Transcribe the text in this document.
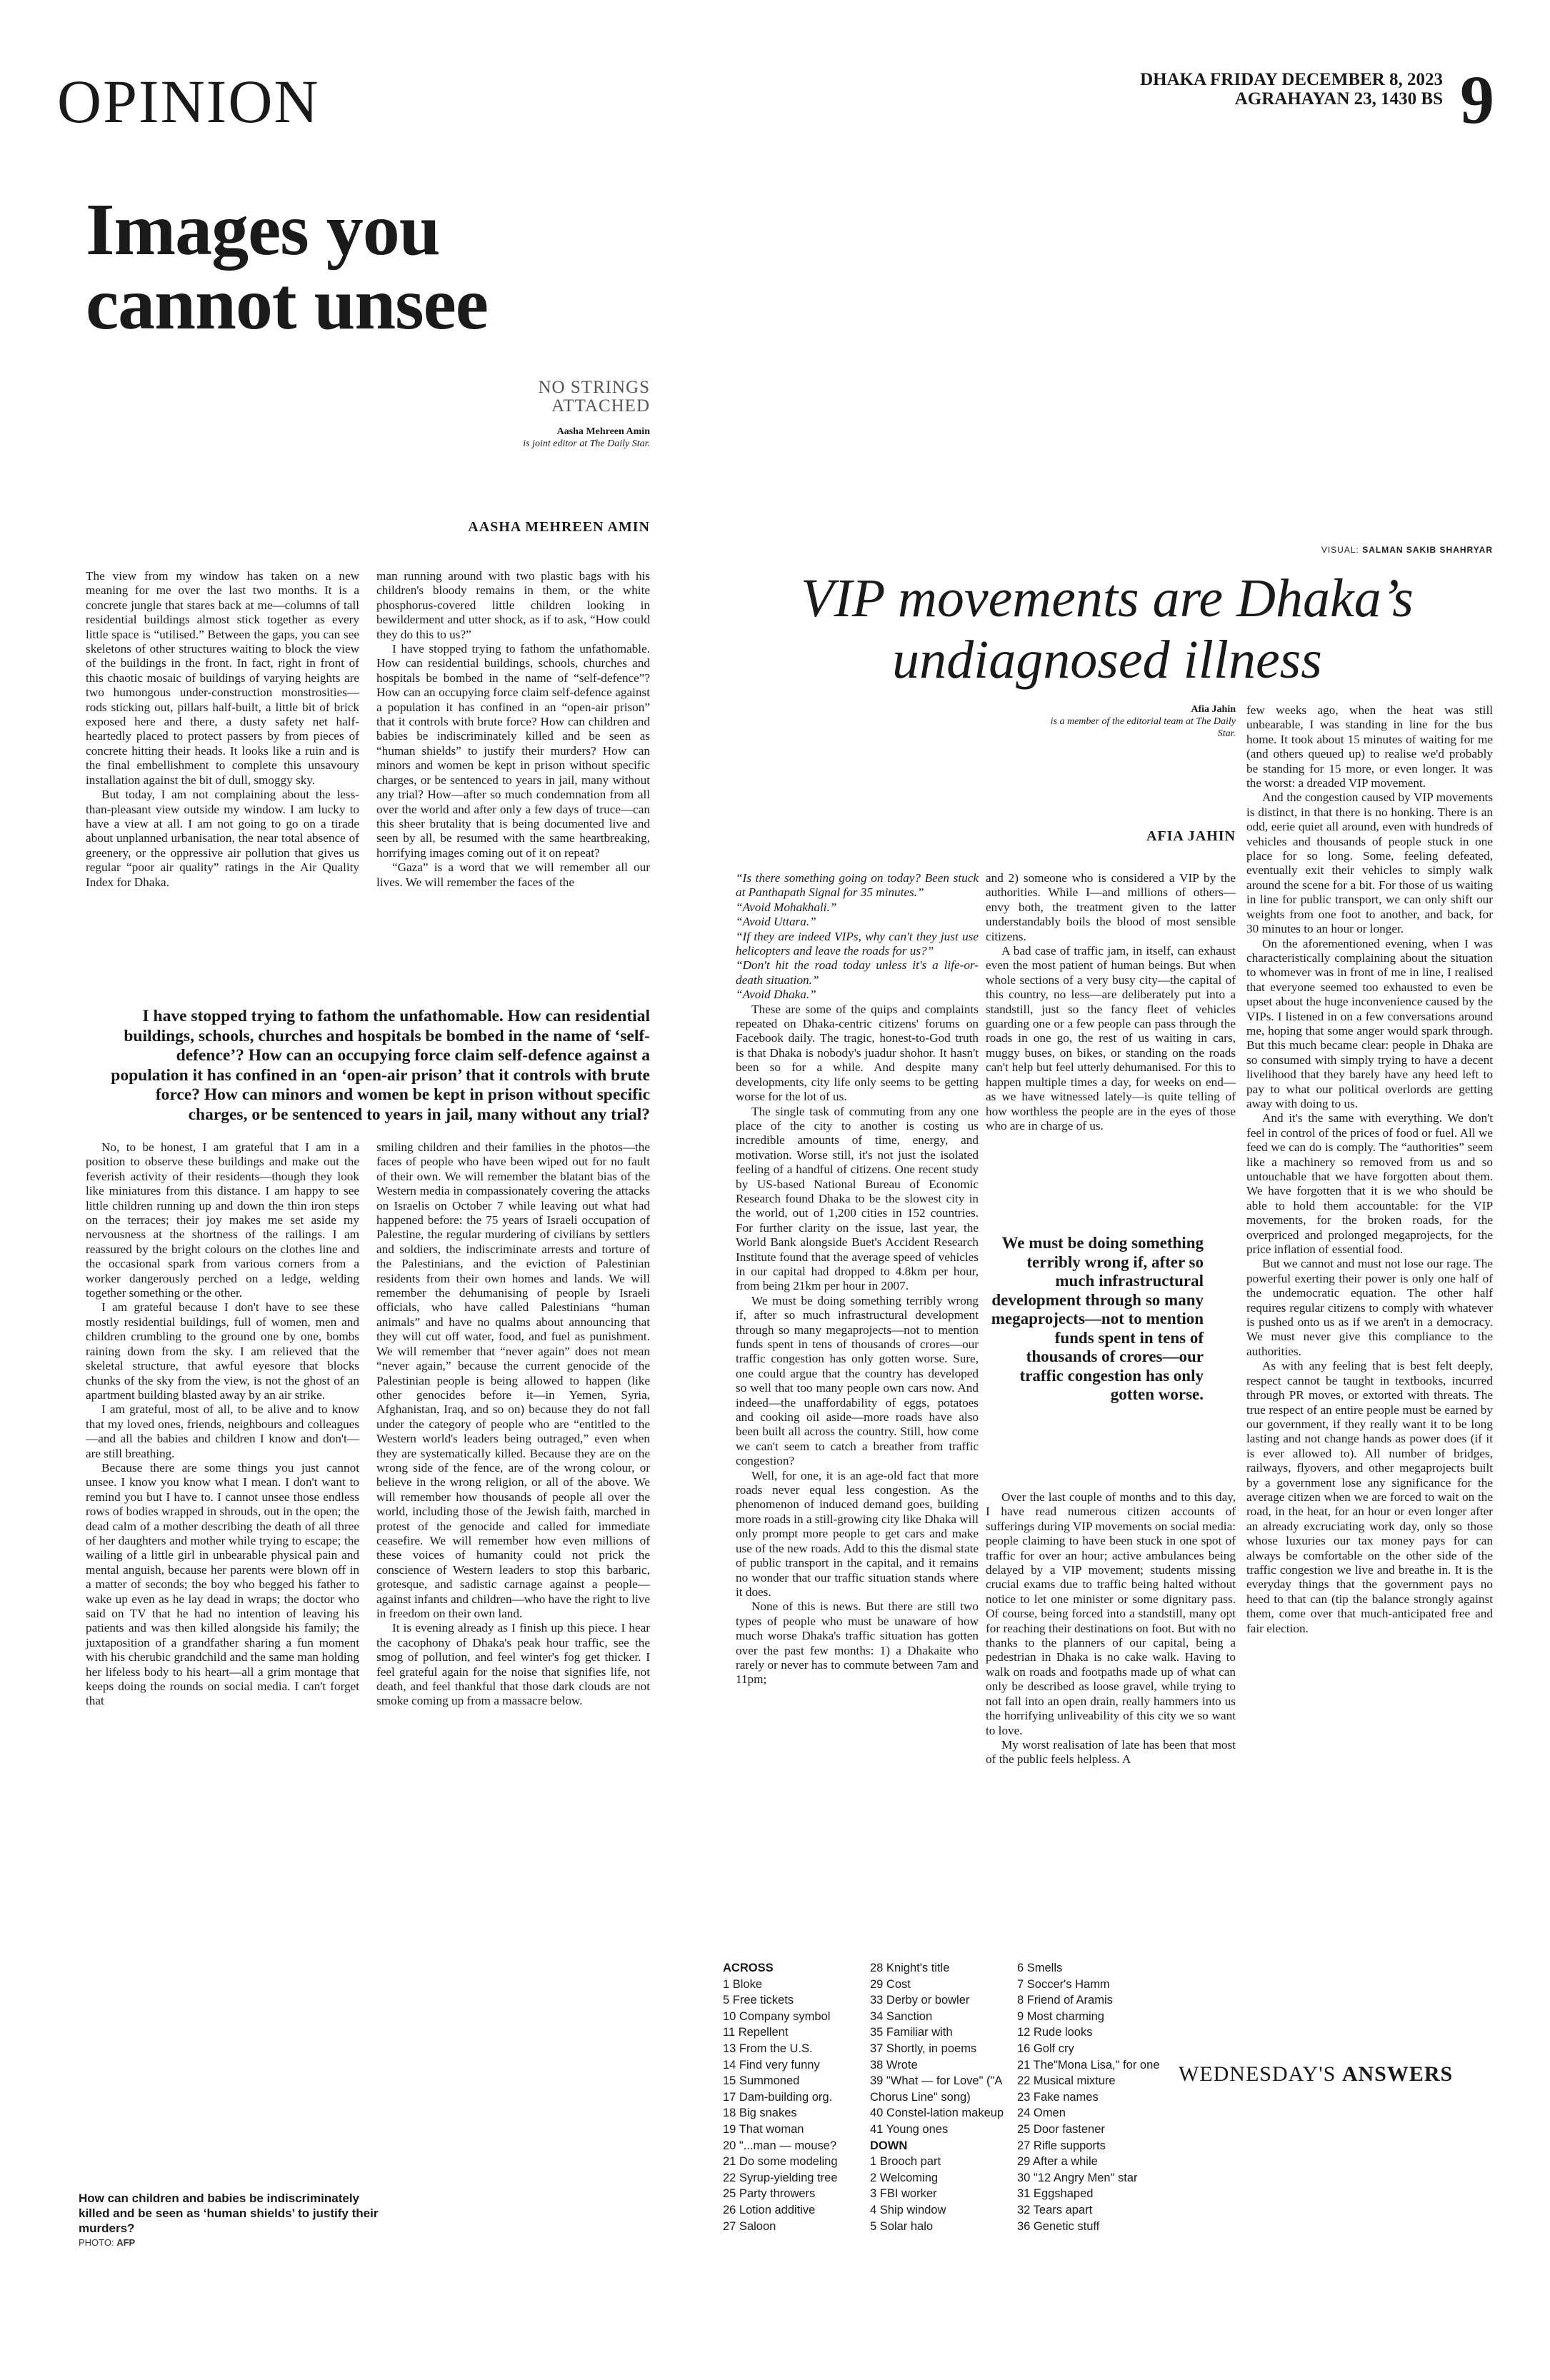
OPINION	DHAKA FRIDAY DECEMBER 8, 2023
AGRAHAYAN 23, 1430 BS 9
Images you
cannot unsee
NO STRINGS
ATTACHED
Aasha Mehreen Amin
is joint editor at The Daily Star.
AASHA MEHREEN AMIN

The view from my window has taken on a new meaning for me over the last two months. It is a concrete jungle that stares back at me—columns of tall residential buildings almost stick together as every little space is “utilised.” Between the gaps, you can see skeletons of other structures waiting to block the view of the buildings in the front. In fact, right in front of this chaotic mosaic of buildings of varying heights are two humongous under-construction monstrosities—rods sticking out, pillars half-built, a little bit of brick exposed here and there, a dusty safety net half-heartedly placed to protect passers by from pieces of concrete hitting their heads. It looks like a ruin and is the final embellishment to complete this unsavoury installation against the bit of dull, smoggy sky.

But today, I am not complaining about the less-than-pleasant view outside my window. I am lucky to have a view at all. I am not going to go on a tirade about unplanned urbanisation, the near total absence of greenery, or the oppressive air pollution that gives us regular “poor air quality” ratings in the Air Quality Index for Dhaka.

man running around with two plastic bags with his children's bloody remains in them, or the white phosphorus-covered little children looking in bewilderment and utter shock, as if to ask, “How could they do this to us?”

I have stopped trying to fathom the unfathomable. How can residential buildings, schools, churches and hospitals be bombed in the name of “self-defence”? How can an occupying force claim self-defence against a population it has confined in an “open-air prison” that it controls with brute force? How can children and babies be indiscriminately killed and be seen as “human shields” to justify their murders? How can minors and women be kept in prison without specific charges, or be sentenced to years in jail, many without any trial? How—after so much condemnation from all over the world and after only a few days of truce—can this sheer brutality that is being documented live and seen by all, be resumed with the same heartbreaking, horrifying images coming out of it on repeat?

“Gaza” is a word that we will remember all our lives. We will remember the faces of the

I have stopped trying to fathom the unfathomable. How can residential buildings, schools, churches and hospitals be bombed in the name of ‘self-defence’? How can an occupying force claim self-defence against a population it has confined in an ‘open-air prison’ that it controls with brute force? How can minors and women be kept in prison without specific charges, or be sentenced to years in jail, many without any trial?

No, to be honest, I am grateful that I am in a position to observe these buildings and make out the feverish activity of their residents—though they look like miniatures from this distance. I am happy to see little children running up and down the thin iron steps on the terraces; their joy makes me set aside my nervousness at the shortness of the railings. I am reassured by the bright colours on the clothes line and the occasional spark from various corners from a worker dangerously perched on a ledge, welding together something or the other.

I am grateful because I don't have to see these mostly residential buildings, full of women, men and children crumbling to the ground one by one, bombs raining down from the sky. I am relieved that the skeletal structure, that awful eyesore that blocks chunks of the sky from the view, is not the ghost of an apartment building blasted away by an air strike.

I am grateful, most of all, to be alive and to know that my loved ones, friends, neighbours and colleagues—and all the babies and children I know and don't—are still breathing.

Because there are some things you just cannot unsee. I know you know what I mean. I don't want to remind you but I have to. I cannot unsee those endless rows of bodies wrapped in shrouds, out in the open; the dead calm of a mother describing the death of all three of her daughters and mother while trying to escape; the wailing of a little girl in unbearable physical pain and mental anguish, because her parents were blown off in a matter of seconds; the boy who begged his father to wake up even as he lay dead in wraps; the doctor who said on TV that he had no intention of leaving his patients and was then killed alongside his family; the juxtaposition of a grandfather sharing a fun moment with his cherubic grandchild and the same man holding her lifeless body to his heart—all a grim montage that keeps doing the rounds on social media. I can't forget that

smiling children and their families in the photos—the faces of people who have been wiped out for no fault of their own. We will remember the blatant bias of the Western media in compassionately covering the attacks on Israelis on October 7 while leaving out what had happened before: the 75 years of Israeli occupation of Palestine, the regular murdering of civilians by settlers and soldiers, the indiscriminate arrests and torture of the Palestinians, and the eviction of Palestinian residents from their own homes and lands. We will remember the dehumanising of people by Israeli officials, who have called Palestinians “human animals” and have no qualms about announcing that they will cut off water, food, and fuel as punishment. We will remember that “never again” does not mean “never again,” because the current genocide of the Palestinian people is being allowed to happen (like other genocides before it—in Yemen, Syria, Afghanistan, Iraq, and so on) because they do not fall under the category of people who are “entitled to the Western world's leaders being outraged,” even when they are systematically killed. Because they are on the wrong side of the fence, are of the wrong colour, or believe in the wrong religion, or all of the above. We will remember how thousands of people all over the world, including those of the Jewish faith, marched in protest of the genocide and called for immediate ceasefire. We will remember how even millions of these voices of humanity could not prick the conscience of Western leaders to stop this barbaric, grotesque, and sadistic carnage against a people—against infants and children—who have the right to live in freedom on their own land.

It is evening already as I finish up this piece. I hear the cacophony of Dhaka's peak hour traffic, see the smog of pollution, and feel winter's fog get thicker. I feel grateful again for the noise that signifies life, not death, and feel thankful that those dark clouds are not smoke coming up from a massacre below.

How can children and babies be indiscriminately killed and be seen as ‘human shields’ to justify their murders?
PHOTO: AFP
VISUAL: SALMAN SAKIB SHAHRYAR
VIP movements are Dhaka’s
undiagnosed illness
Afia Jahin
is a member of the editorial team at The Daily Star.
AFIA JAHIN

“Is there something going on today? Been stuck at Panthapath Signal for 35 minutes.”

“Avoid Mohakhali.”

“Avoid Uttara.”

“If they are indeed VIPs, why can't they just use helicopters and leave the roads for us?”

“Don't hit the road today unless it's a life-or-death situation.”

“Avoid Dhaka.”

These are some of the quips and complaints repeated on Dhaka-centric citizens' forums on Facebook daily. The tragic, honest-to-God truth is that Dhaka is nobody's juadur shohor. It hasn't been so for a while. And despite many developments, city life only seems to be getting worse for the lot of us.

The single task of commuting from any one place of the city to another is costing us incredible amounts of time, energy, and motivation. Worse still, it's not just the isolated feeling of a handful of citizens. One recent study by US-based National Bureau of Economic Research found Dhaka to be the slowest city in the world, out of 1,200 cities in 152 countries. For further clarity on the issue, last year, the World Bank alongside Buet's Accident Research Institute found that the average speed of vehicles in our capital had dropped to 4.8km per hour, from being 21km per hour in 2007.

We must be doing something terribly wrong if, after so much infrastructural development through so many megaprojects—not to mention funds spent in tens of thousands of crores—our traffic congestion has only gotten worse. Sure, one could argue that the country has developed so well that too many people own cars now. And indeed—the unaffordability of eggs, potatoes and cooking oil aside—more roads have also been built all across the country. Still, how come we can't seem to catch a breather from traffic congestion?

Well, for one, it is an age-old fact that more roads never equal less congestion. As the phenomenon of induced demand goes, building more roads in a still-growing city like Dhaka will only prompt more people to get cars and make use of the new roads. Add to this the dismal state of public transport in the capital, and it remains no wonder that our traffic situation stands where it does.

None of this is news. But there are still two types of people who must be unaware of how much worse Dhaka's traffic situation has gotten over the past few months: 1) a Dhakaite who rarely or never has to commute between 7am and 11pm;

and 2) someone who is considered a VIP by the authorities. While I—and millions of others—envy both, the treatment given to the latter understandably boils the blood of most sensible citizens.

A bad case of traffic jam, in itself, can exhaust even the most patient of human beings. But when whole sections of a very busy city—the capital of this country, no less—are deliberately put into a standstill, just so the fancy fleet of vehicles guarding one or a few people can pass through the roads in one go, the rest of us waiting in cars, muggy buses, on bikes, or standing on the roads can't help but feel utterly dehumanised. For this to happen multiple times a day, for weeks on end—as we have witnessed lately—is quite telling of how worthless the people are in the eyes of those who are in charge of us.

We must be doing something terribly wrong if, after so much infrastructural development through so many megaprojects—not to mention funds spent in tens of thousands of crores—our traffic congestion has only gotten worse.

Over the last couple of months and to this day, I have read numerous citizen accounts of sufferings during VIP movements on social media: people claiming to have been stuck in one spot of traffic for over an hour; active ambulances being delayed by a VIP movement; students missing crucial exams due to traffic being halted without notice to let one minister or some dignitary pass. Of course, being forced into a standstill, many opt for reaching their destinations on foot. But with no thanks to the planners of our capital, being a pedestrian in Dhaka is no cake walk. Having to walk on roads and footpaths made up of what can only be described as loose gravel, while trying to not fall into an open drain, really hammers into us the horrifying unliveability of this city we so want to love.

My worst realisation of late has been that most of the public feels helpless. A

few weeks ago, when the heat was still unbearable, I was standing in line for the bus home. It took about 15 minutes of waiting for me (and others queued up) to realise we'd probably be standing for 15 more, or even longer. It was the worst: a dreaded VIP movement.

And the congestion caused by VIP movements is distinct, in that there is no honking. There is an odd, eerie quiet all around, even with hundreds of vehicles and thousands of people stuck in one place for so long. Some, feeling defeated, eventually exit their vehicles to simply walk around the scene for a bit. For those of us waiting in line for public transport, we can only shift our weights from one foot to another, and back, for 30 minutes to an hour or longer.

On the aforementioned evening, when I was characteristically complaining about the situation to whomever was in front of me in line, I realised that everyone seemed too exhausted to even be upset about the huge inconvenience caused by the VIPs. I listened in on a few conversations around me, hoping that some anger would spark through. But this much became clear: people in Dhaka are so consumed with simply trying to have a decent livelihood that they barely have any heed left to pay to what our political overlords are getting away with doing to us.

And it's the same with everything. We don't feel in control of the prices of food or fuel. All we feed we can do is comply. The “authorities” seem like a machinery so removed from us and so untouchable that we have forgotten about them. We have forgotten that it is we who should be able to hold them accountable: for the VIP movements, for the broken roads, for the overpriced and prolonged megaprojects, for the price inflation of essential food.

But we cannot and must not lose our rage. The powerful exerting their power is only one half of the undemocratic equation. The other half requires regular citizens to comply with whatever is pushed onto us as if we aren't in a democracy. We must never give this compliance to the authorities.

As with any feeling that is best felt deeply, respect cannot be taught in textbooks, incurred through PR moves, or extorted with threats. The true respect of an entire people must be earned by our government, if they really want it to be long lasting and not change hands as power does (if it is ever allowed to). All number of bridges, railways, flyovers, and other megaprojects built by a government lose any significance for the average citizen when we are forced to wait on the road, in the heat, for an hour or even longer after an already excruciating work day, only so those whose luxuries our tax money pays for can always be comfortable on the other side of the traffic congestion we live and breathe in. It is the everyday things that the government pays no heed to that can (tip the balance strongly against them, come over that much-anticipated free and fair election.

ACROSS
1 Bloke
5 Free tickets
10 Company symbol
11 Repellent
13 From the U.S.
14 Find very funny
15 Summoned
17 Dam-building org.
18 Big snakes
19 That woman
20 "...man — mouse?
21 Do some modeling
22 Syrup-yielding tree
25 Party throwers
26 Lotion additive
27 Saloon
28 Knight's title
29 Cost
33 Derby or bowler
34 Sanction
35 Familiar with
37 Shortly, in poems
38 Wrote
39 "What — for Love" ("A
Chorus Line" song)
40 Constel-lation makeup
41 Young ones
DOWN
1 Brooch part
2 Welcoming
3 FBI worker
4 Ship window
5 Solar halo
6 Smells
7 Soccer's Hamm
8 Friend of Aramis
9 Most charming
12 Rude looks
16 Golf cry
21 The"Mona Lisa," for one
22 Musical mixture
23 Fake names
24 Omen
25 Door fastener
27 Rifle supports
29 After a while
30 "12 Angry Men" star
31 Eggshaped
32 Tears apart
36 Genetic stuff
WEDNESDAY'S ANSWERS
